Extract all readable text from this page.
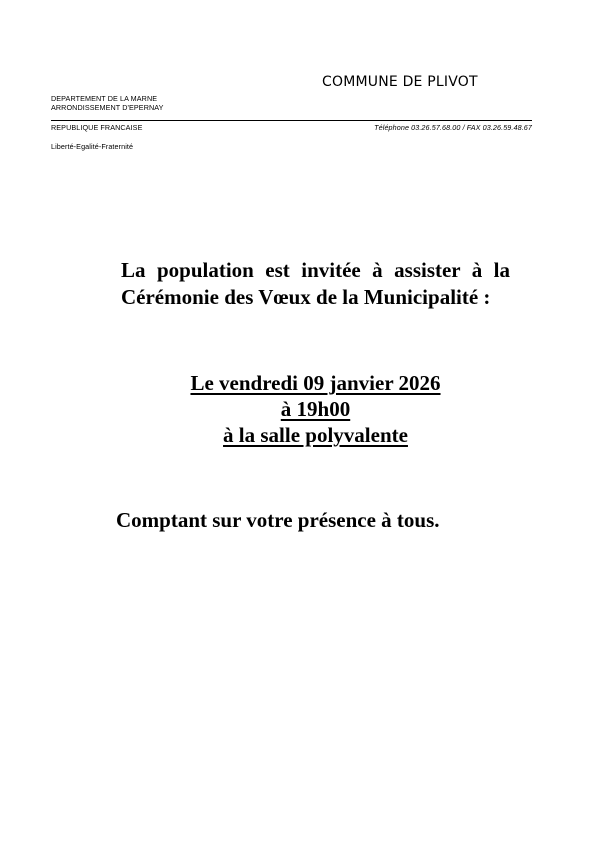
COMMUNE DE PLIVOT
DEPARTEMENT DE LA MARNE
ARRONDISSEMENT D'EPERNAY
REPUBLIQUE FRANCAISE	Téléphone 03.26.57.68.00 / FAX 03.26.59.48.67
Liberté-Egalité-Fraternité
La population est invitée à assister à la Cérémonie des Vœux de la Municipalité :
Le vendredi 09 janvier 2026
à 19h00
à la salle polyvalente
Comptant sur votre présence à tous.
